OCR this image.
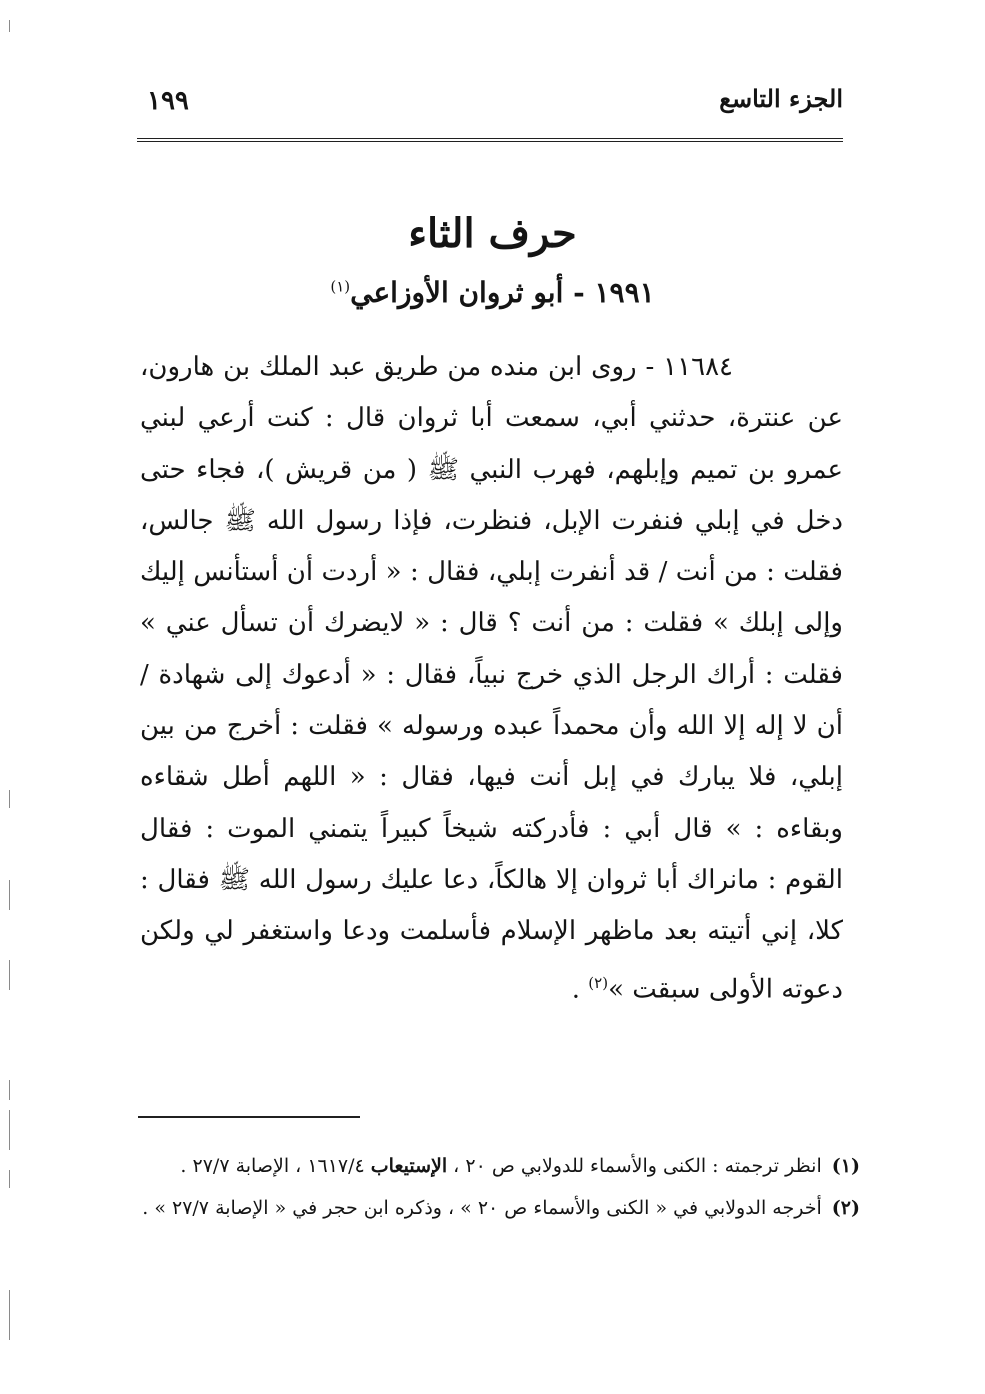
١٩٩	الجزء التاسع
حرف الثاء
١٩٩١ - أبو ثروان الأوزاعي$^{(١)}$
١١٦٨٤ - روى ابن منده من طريق عبد الملك بن هارون، عن عنترة، حدثني أبي، سمعت أبا ثروان قال : كنت أرعي لبني عمرو بن تميم وإبلهم، فهرب النبي ﷺ ( من قريش )، فجاء حتى دخل في إبلي فنفرت الإبل، فنظرت، فإذا رسول الله ﷺ جالس، فقلت : من أنت / قد أنفرت إبلي، فقال : « أردت أن أستأنس إليك وإلى إبلك » فقلت : من أنت ؟ قال : « لايضرك أن تسأل عني » فقلت : أراك الرجل الذي خرج نبياً، فقال : « أدعوك إلى شهادة / أن لا إله إلا الله وأن محمداً عبده ورسوله » فقلت : أخرج من بين إبلي، فلا يبارك في إبل أنت فيها، فقال : « اللهم أطل شقاءه وبقاءه : » قال أبي : فأدركته شيخاً كبيراً يتمني الموت : فقال القوم : مانراك أبا ثروان إلا هالكاً، دعا عليك رسول الله ﷺ فقال : كلا، إني أتيته بعد ماظهر الإسلام فأسلمت ودعا واستغفر لي ولكن دعوته الأولى سبقت »$^{(٢)}$ .

(١) انظر ترجمته : الكنى والأسماء للدولابي ص ٢٠ ، الإستيعاب ١٦١٧/٤ ، الإصابة ٢٧/٧ .

(٢) أخرجه الدولابي في « الكنى والأسماء ص ٢٠ » ، وذكره ابن حجر في « الإصابة ٢٧/٧ » .
